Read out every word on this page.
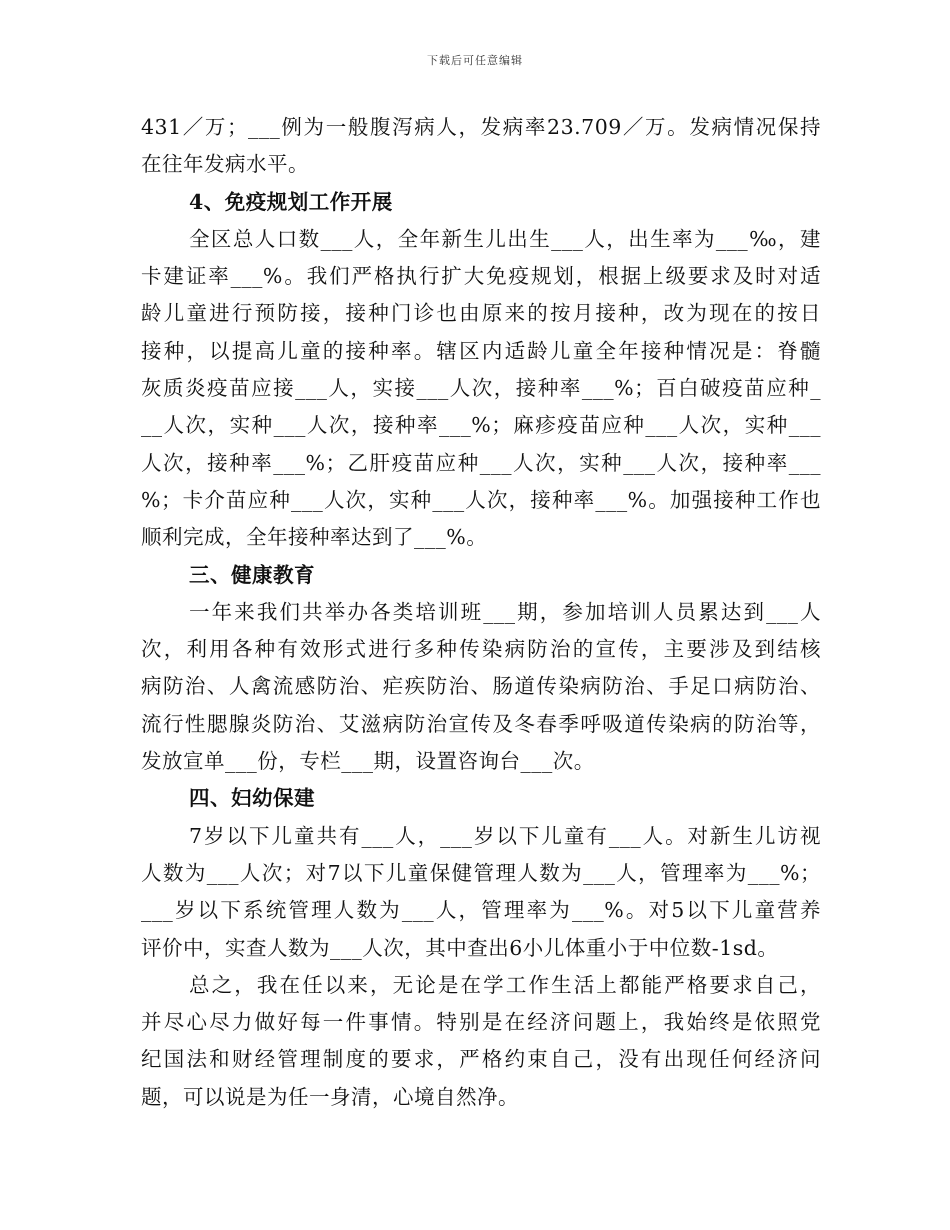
下载后可任意编辑
431／万；___例为一般腹泻病人，发病率23.709／万。发病情况保持
在往年发病水平。
4、免疫规划工作开展
全区总人口数___人，全年新生儿出生___人，出生率为___‰，建
卡建证率___%。我们严格执行扩大免疫规划，根据上级要求及时对适
龄儿童进行预防接，接种门诊也由原来的按月接种，改为现在的按日
接种，以提高儿童的接种率。辖区内适龄儿童全年接种情况是：脊髓
灰质炎疫苗应接___人，实接___人次，接种率___%；百白破疫苗应种_
__人次，实种___人次，接种率___%；麻疹疫苗应种___人次，实种___
人次，接种率___%；乙肝疫苗应种___人次，实种___人次，接种率___
%；卡介苗应种___人次，实种___人次，接种率___%。加强接种工作也
顺利完成，全年接种率达到了___%。
三、健康教育
一年来我们共举办各类培训班___期，参加培训人员累达到___人
次，利用各种有效形式进行多种传染病防治的宣传，主要涉及到结核
病防治、人禽流感防治、疟疾防治、肠道传染病防治、手足口病防治、
流行性腮腺炎防治、艾滋病防治宣传及冬春季呼吸道传染病的防治等，
发放宣单___份，专栏___期，设置咨询台___次。
四、妇幼保建
7岁以下儿童共有___人，___岁以下儿童有___人。对新生儿访视
人数为___人次；对7以下儿童保健管理人数为___人，管理率为___%；
___岁以下系统管理人数为___人，管理率为___%。对5以下儿童营养
评价中，实查人数为___人次，其中查出6小儿体重小于中位数-1sd。
总之，我在任以来，无论是在学工作生活上都能严格要求自己，
并尽心尽力做好每一件事情。特别是在经济问题上，我始终是依照党
纪国法和财经管理制度的要求，严格约束自己，没有出现任何经济问
题，可以说是为任一身清，心境自然净。
